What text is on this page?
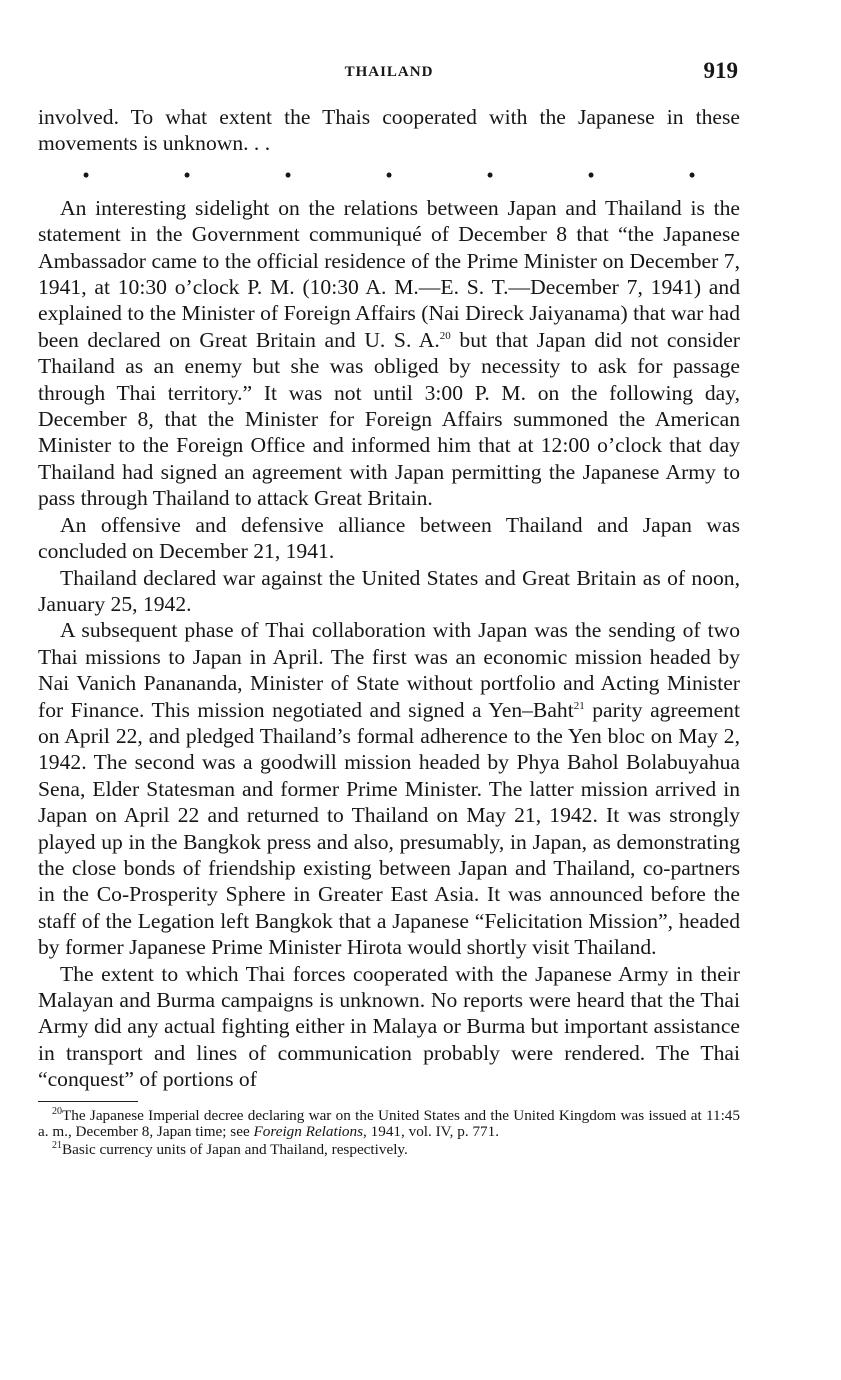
THAILAND	919

involved. To what extent the Thais cooperated with the Japanese in these movements is unknown. . .

•	•	•	•	•	•	•

An interesting sidelight on the relations between Japan and Thailand is the statement in the Government communiqué of December 8 that “the Japanese Ambassador came to the official residence of the Prime Minister on December 7, 1941, at 10:30 o’clock P. M. (10:30 A. M.—E. S. T.—December 7, 1941) and explained to the Minister of Foreign Affairs (Nai Direck Jaiyanama) that war had been declared on Great Britain and U. S. A.$^{20}$ but that Japan did not consider Thailand as an enemy but she was obliged by necessity to ask for passage through Thai territory.” It was not until 3:00 P. M. on the following day, December 8, that the Minister for Foreign Affairs summoned the American Minister to the Foreign Office and informed him that at 12:00 o’clock that day Thailand had signed an agreement with Japan permitting the Japanese Army to pass through Thailand to attack Great Britain.

An offensive and defensive alliance between Thailand and Japan was concluded on December 21, 1941.

Thailand declared war against the United States and Great Britain as of noon, January 25, 1942.

A subsequent phase of Thai collaboration with Japan was the sending of two Thai missions to Japan in April. The first was an economic mission headed by Nai Vanich Panananda, Minister of State without portfolio and Acting Minister for Finance. This mission negotiated and signed a Yen–Baht$^{21}$ parity agreement on April 22, and pledged Thailand’s formal adherence to the Yen bloc on May 2, 1942. The second was a goodwill mission headed by Phya Bahol Bolabuyahua Sena, Elder Statesman and former Prime Minister. The latter mission arrived in Japan on April 22 and returned to Thailand on May 21, 1942. It was strongly played up in the Bangkok press and also, presumably, in Japan, as demonstrating the close bonds of friendship existing between Japan and Thailand, co-partners in the Co-Prosperity Sphere in Greater East Asia. It was announced before the staff of the Legation left Bangkok that a Japanese “Felicitation Mission”, headed by former Japanese Prime Minister Hirota would shortly visit Thailand.

The extent to which Thai forces cooperated with the Japanese Army in their Malayan and Burma campaigns is unknown. No reports were heard that the Thai Army did any actual fighting either in Malaya or Burma but important assistance in transport and lines of communication probably were rendered. The Thai “conquest” of portions of

$^{20}$The Japanese Imperial decree declaring war on the United States and the United Kingdom was issued at 11:45 a. m., December 8, Japan time; see Foreign Relations, 1941, vol. IV, p. 771.

$^{21}$Basic currency units of Japan and Thailand, respectively.
